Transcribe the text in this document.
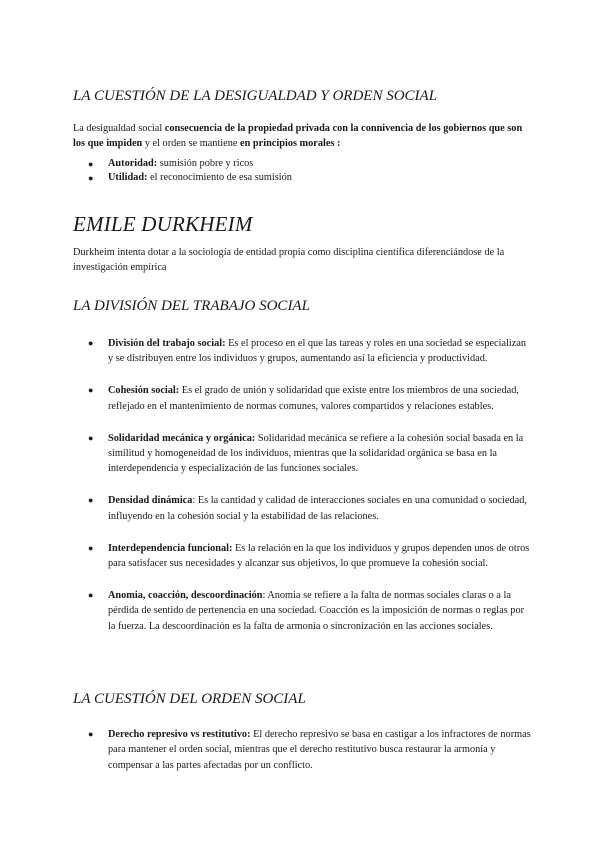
LA CUESTIÓN DE LA DESIGUALDAD Y ORDEN SOCIAL

La desigualdad social consecuencia de la propiedad privada con la connivencia de los gobiernos que son los que impiden y el orden se mantiene en principios morales :

● Autoridad: sumisión pobre y ricos
● Utilidad: el reconocimiento de esa sumisión
EMILE DURKHEIM

Durkheim intenta dotar a la sociología de entidad propia como disciplina científica diferenciándose de la investigación empírica

LA DIVISIÓN DEL TRABAJO SOCIAL
● División del trabajo social: Es el proceso en el que las tareas y roles en una sociedad se especializan y se distribuyen entre los individuos y grupos, aumentando así la eficiencia y productividad.
● Cohesión social: Es el grado de unión y solidaridad que existe entre los miembros de una sociedad, reflejado en el mantenimiento de normas comunes, valores compartidos y relaciones estables.
● Solidaridad mecánica y orgánica: Solidaridad mecánica se refiere a la cohesión social basada en la similitud y homogeneidad de los individuos, mientras que la solidaridad orgánica se basa en la interdependencia y especialización de las funciones sociales.
● Densidad dinámica: Es la cantidad y calidad de interacciones sociales en una comunidad o sociedad, influyendo en la cohesión social y la estabilidad de las relaciones.
● Interdependencia funcional: Es la relación en la que los individuos y grupos dependen unos de otros para satisfacer sus necesidades y alcanzar sus objetivos, lo que promueve la cohesión social.
● Anomia, coacción, descoordinación: Anomia se refiere a la falta de normas sociales claras o a la pérdida de sentido de pertenencia en una sociedad. Coacción es la imposición de normas o reglas por la fuerza. La descoordinación es la falta de armonía o sincronización en las acciones sociales.
LA CUESTIÓN DEL ORDEN SOCIAL
● Derecho represivo vs restitutivo: El derecho represivo se basa en castigar a los infractores de normas para mantener el orden social, mientras que el derecho restitutivo busca restaurar la armonía y compensar a las partes afectadas por un conflicto.
